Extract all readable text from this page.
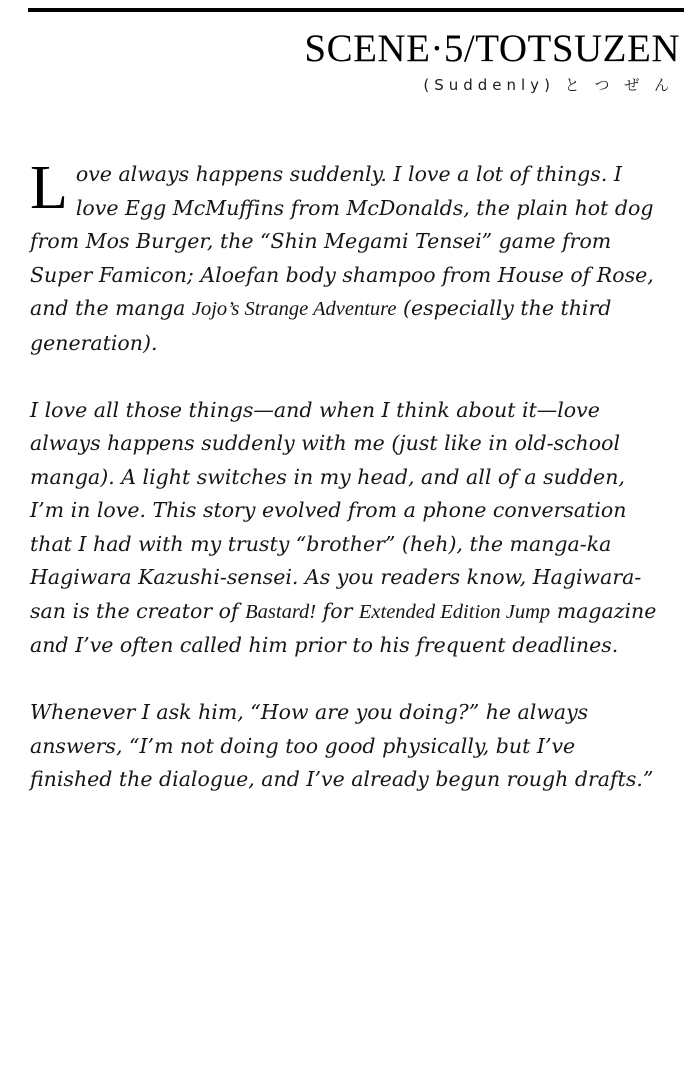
SCENE·5/TOTSUZEN
(Suddenly) と つ ぜ ん

Love always happens suddenly. I love a lot of things. I love Egg McMuffins from McDonalds, the plain hot dog from Mos Burger, the “Shin Megami Tensei” game from Super Famicon; Aloefan body shampoo from House of Rose, and the manga Jojo’s Strange Adventure (especially the third generation).

I love all those things—and when I think about it—love always happens suddenly with me (just like in old-school manga). A light switches in my head, and all of a sudden, I’m in love. This story evolved from a phone conversation that I had with my trusty “brother” (heh), the manga-ka Hagiwara Kazushi-sensei. As you readers know, Hagiwara-san is the creator of Bastard! for Extended Edition Jump magazine and I’ve often called him prior to his frequent deadlines.

Whenever I ask him, “How are you doing?” he always answers, “I’m not doing too good physically, but I’ve finished the dialogue, and I’ve already begun rough drafts.”
